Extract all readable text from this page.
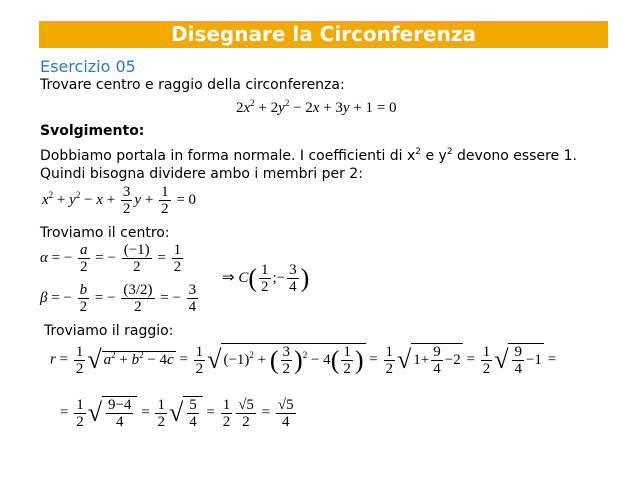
Disegnare la Circonferenza
Esercizio 05
Trovare centro e raggio della circonferenza:
$2x^2 + 2y^2 - 2x + 3y + 1 = 0$
Svolgimento:
Dobbiamo portala in forma normale. I coefficienti di $x^2$ e $y^2$ devono essere 1.
Quindi bisogna dividere ambo i membri per 2:
$x^2 + y^2 - x + \frac{3}{2}$ $y + \frac{1}{2} = 0$
Troviamo il centro:
α = − $\frac{a}{2}$ = − $\frac{(-1)}{2} = \frac{1}{2}$
β = − $\frac{b}{2}$ = − $\frac{(3/2)}{2}$ = − $\frac{3}{4}$
⇒ $C( \frac{1}{2}$ ;− $\frac{3}{4}$ )
Troviamo il raggio:
$r = \frac{1}{2}$ √ $a^2 + b^2 - 4c = \frac{1}{2}$ √ $(-1)^2$ + ( $\frac{3}{2} )^2 - 4( \frac{1}{2}$ ) = $\frac{1}{2}$ √ $1+ \frac{9}{4} -2 = \frac{1}{2}$ √ $\frac{9}{4} -1$ =
= $\frac{1}{2}$ √ $\frac{9-4}{4} = \frac{1}{2}$ √ $\frac{5}{4} = \frac{1}{2} \frac{√5}{2} = \frac{√5}{4}$
